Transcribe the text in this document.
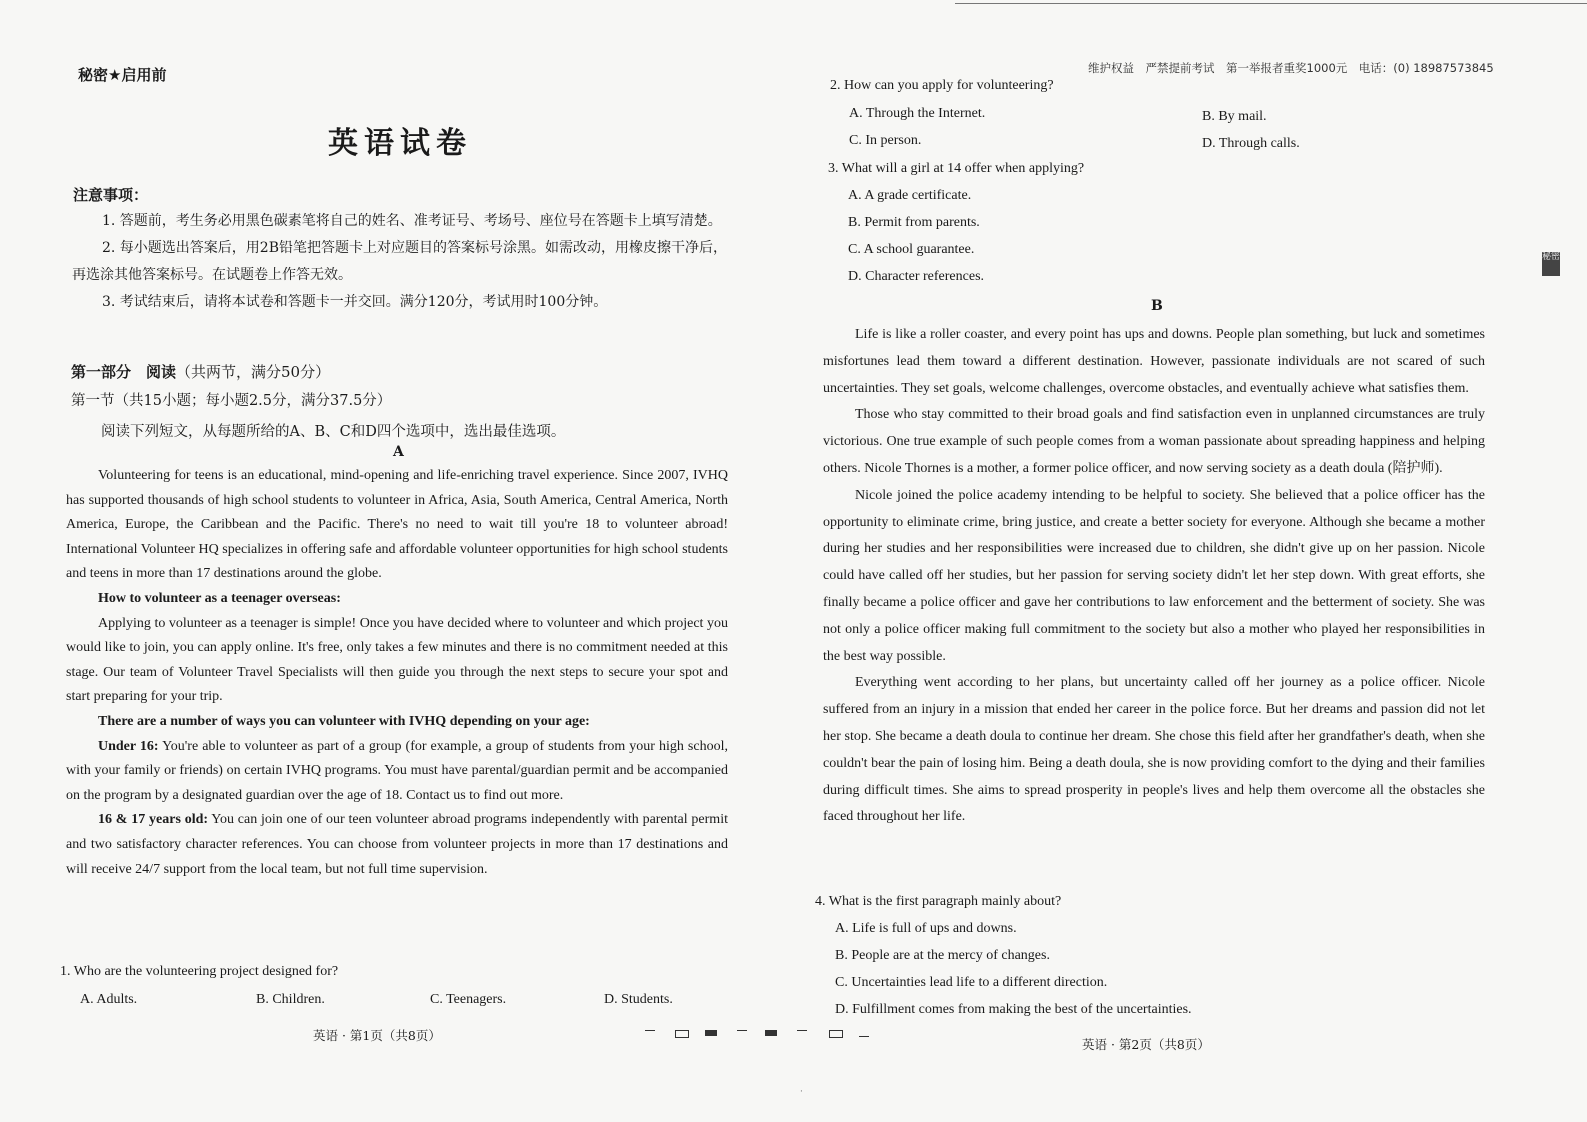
秘密★启用前
英语试卷
注意事项：

1. 答题前，考生务必用黑色碳素笔将自己的姓名、准考证号、考场号、座位号在答题卡上填写清楚。

2. 每小题选出答案后，用2B铅笔把答题卡上对应题目的答案标号涂黑。如需改动，用橡皮擦干净后，再选涂其他答案标号。在试题卷上作答无效。

3. 考试结束后，请将本试卷和答题卡一并交回。满分120分，考试用时100分钟。

第一部分　阅读（共两节，满分50分）
第一节（共15小题；每小题2.5分，满分37.5分）
阅读下列短文，从每题所给的A、B、C和D四个选项中，选出最佳选项。
A

Volunteering for teens is an educational, mind-opening and life-enriching travel experience. Since 2007, IVHQ has supported thousands of high school students to volunteer in Africa, Asia, South America, Central America, North America, Europe, the Caribbean and the Pacific. There's no need to wait till you're 18 to volunteer abroad! International Volunteer HQ specializes in offering safe and affordable volunteer opportunities for high school students and teens in more than 17 destinations around the globe.

How to volunteer as a teenager overseas:

Applying to volunteer as a teenager is simple! Once you have decided where to volunteer and which project you would like to join, you can apply online. It's free, only takes a few minutes and there is no commitment needed at this stage. Our team of Volunteer Travel Specialists will then guide you through the next steps to secure your spot and start preparing for your trip.

There are a number of ways you can volunteer with IVHQ depending on your age:

Under 16: You're able to volunteer as part of a group (for example, a group of students from your high school, with your family or friends) on certain IVHQ programs. You must have parental/guardian permit and be accompanied on the program by a designated guardian over the age of 18. Contact us to find out more.

16 & 17 years old: You can join one of our teen volunteer abroad programs independently with parental permit and two satisfactory character references. You can choose from volunteer projects in more than 17 destinations and will receive 24/7 support from the local team, but not full time supervision.

1. Who are the volunteering project designed for?
A. Adults.	B. Children.	C. Teenagers.	D. Students.
英语 · 第1页（共8页）
维护权益　严禁提前考试　第一举报者重奖1000元　电话：(0) 18987573845
秘密
2. How can you apply for volunteering?
A. Through the Internet.	B. By mail.
C. In person.	D. Through calls.
3. What will a girl at 14 offer when applying?
A. A grade certificate.
B. Permit from parents.
C. A school guarantee.
D. Character references.
B

Life is like a roller coaster, and every point has ups and downs. People plan something, but luck and sometimes misfortunes lead them toward a different destination. However, passionate individuals are not scared of such uncertainties. They set goals, welcome challenges, overcome obstacles, and eventually achieve what satisfies them.

Those who stay committed to their broad goals and find satisfaction even in unplanned circumstances are truly victorious. One true example of such people comes from a woman passionate about spreading happiness and helping others. Nicole Thornes is a mother, a former police officer, and now serving society as a death doula (陪护师).

Nicole joined the police academy intending to be helpful to society. She believed that a police officer has the opportunity to eliminate crime, bring justice, and create a better society for everyone. Although she became a mother during her studies and her responsibilities were increased due to children, she didn't give up on her passion. Nicole could have called off her studies, but her passion for serving society didn't let her step down. With great efforts, she finally became a police officer and gave her contributions to law enforcement and the betterment of society. She was not only a police officer making full commitment to the society but also a mother who played her responsibilities in the best way possible.

Everything went according to her plans, but uncertainty called off her journey as a police officer. Nicole suffered from an injury in a mission that ended her career in the police force. But her dreams and passion did not let her stop. She became a death doula to continue her dream. She chose this field after her grandfather's death, when she couldn't bear the pain of losing him. Being a death doula, she is now providing comfort to the dying and their families during difficult times. She aims to spread prosperity in people's lives and help them overcome all the obstacles she faced throughout her life.

4. What is the first paragraph mainly about?
A. Life is full of ups and downs.
B. People are at the mercy of changes.
C. Uncertainties lead life to a different direction.
D. Fulfillment comes from making the best of the uncertainties.
英语 · 第2页（共8页）
·
